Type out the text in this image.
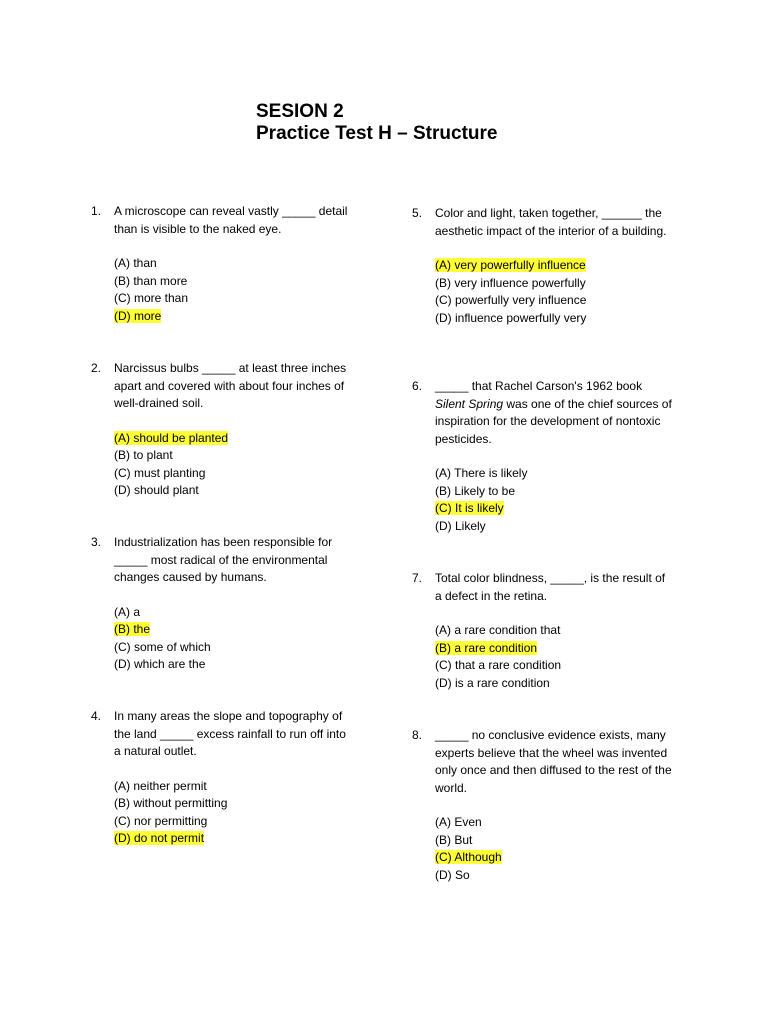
SESION 2

Practice Test H – Structure

1. A microscope can reveal vastly _____ detail than is visible to the naked eye.
(A) than
(B) than more
(C) more than
(D) more
2. Narcissus bulbs _____ at least three inches apart and covered with about four inches of well-drained soil.
(A) should be planted
(B) to plant
(C) must planting
(D) should plant
3. Industrialization has been responsible for _____ most radical of the environmental changes caused by humans.
(A) a
(B) the
(C) some of which
(D) which are the
4. In many areas the slope and topography of the land _____ excess rainfall to run off into a natural outlet.
(A) neither permit
(B) without permitting
(C) nor permitting
(D) do not permit
5. Color and light, taken together, ______ the aesthetic impact of the interior of a building.
(A) very powerfully influence
(B) very influence powerfully
(C) powerfully very influence
(D) influence powerfully very
6. _____ that Rachel Carson's 1962 book Silent Spring was one of the chief sources of inspiration for the development of nontoxic pesticides.
(A) There is likely
(B) Likely to be
(C) It is likely
(D) Likely
7. Total color blindness, _____, is the result of a defect in the retina.
(A) a rare condition that
(B) a rare condition
(C) that a rare condition
(D) is a rare condition
8. _____ no conclusive evidence exists, many experts believe that the wheel was invented only once and then diffused to the rest of the world.
(A) Even
(B) But
(C) Although
(D) So
